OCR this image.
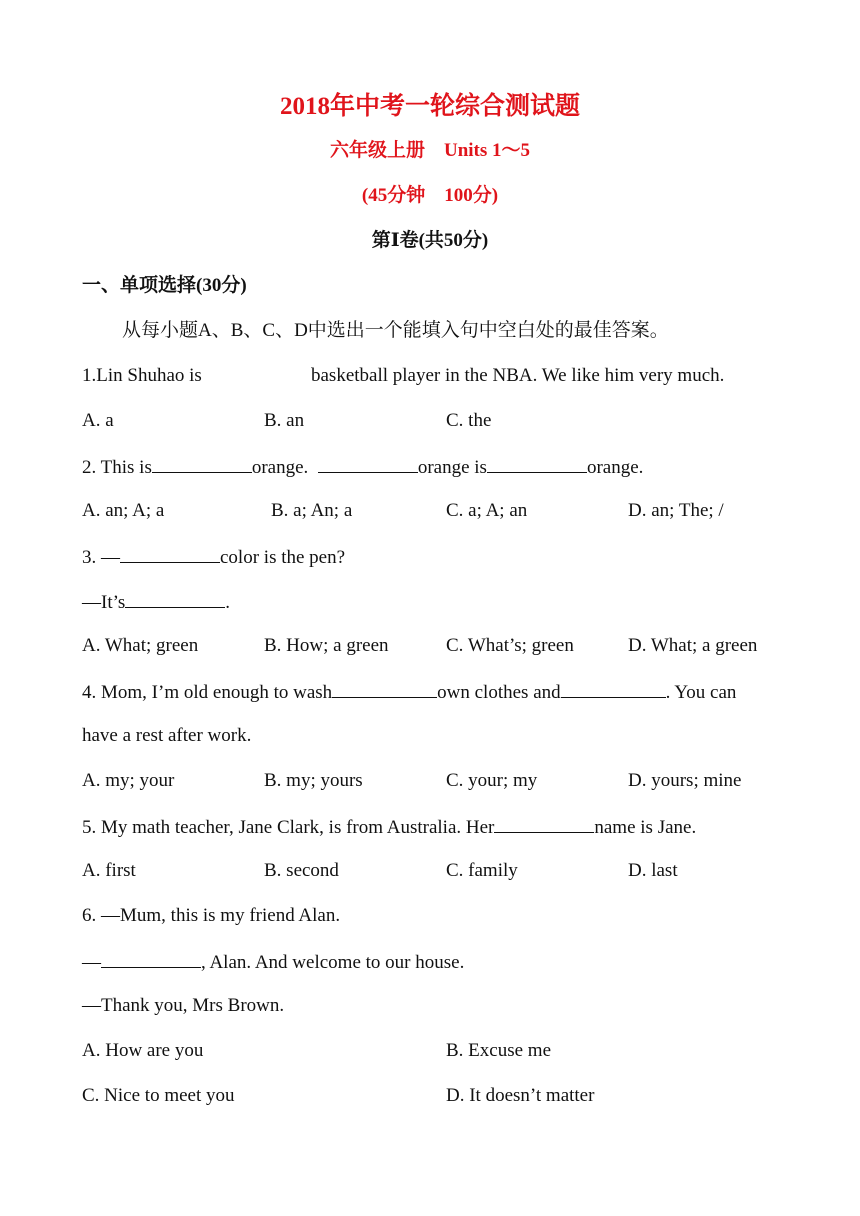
2018年中考一轮综合测试题
六年级上册　Units 1～5
(45分钟　100分)
第Ⅰ卷(共50分)
一、单项选择(30分)
从每小题A、B、C、D中选出一个能填入句中空白处的最佳答案。
1.Lin Shuhao is	basketball player in the NBA. We like him very much.
A. a	B. an	C. the
2. This is	orange.	orange is	orange.
A. an; A; a	B. a; An; a	C. a; A; an	D. an; The; /
3. —	color is the pen?
—It’s	.
A. What; green	B. How; a green	C. What’s; green	D. What; a green
4. Mom, I’m old enough to wash	own clothes and	. You can
have a rest after work.
A. my; your	B. my; yours	C. your; my	D. yours; mine
5. My math teacher, Jane Clark, is from Australia. Her	name is Jane.
A. first	B. second	C. family	D. last
6. —Mum, this is my friend Alan.
—	, Alan. And welcome to our house.
—Thank you, Mrs Brown.
A. How are you	B. Excuse me
C. Nice to meet you	D. It doesn’t matter
